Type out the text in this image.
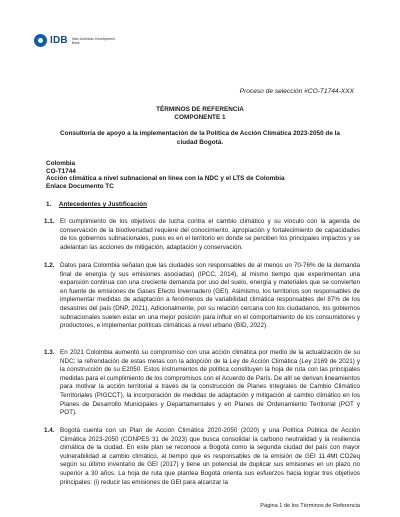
IDB Inter-American Development Bank
Proceso de selección #CO-T1744-XXX
TÉRMINOS DE REFERENCIA
COMPONENTE 1
Consultoría de apoyo a la implementación de la Política de Acción Climática 2023-2050 de la ciudad Bogotá.
Colombia
CO-T1744
Acción climática a nivel subnacional en línea con la NDC y el LTS de Colombia
Enlace Documento TC
1. Antecedentes y Justificación
1.1. El cumplimiento de los objetivos de lucha contra el cambio climático y su vínculo con la agenda de conservación de la biodiversidad requiere del conocimiento, apropiación y fortalecimiento de capacidades de los gobiernos subnacionales, pues es en el territorio en donde se perciben los principales impactos y se adelantan las acciones de mitigación, adaptación y conservación.
1.2. Datos para Colombia señalan que las ciudades son responsables de al menos un 70-76% de la demanda final de energía (y sus emisiones asociadas) (IPCC, 2014), al mismo tiempo que experimentan una expansión continua con una creciente demanda por uso del suelo, energía y materiales que se convierten en fuente de emisiones de Gases Efecto Invernadero (GEI). Asimismo, los territorios son responsables de implementar medidas de adaptación a fenómenos de variabilidad climática responsables del 87% de los desastres del país (DNP, 2021). Adicionalmente, por su relación cercana con los ciudadanos, los gobiernos subnacionales suelen estar en una mejor posición para influir en el comportamiento de los consumidores y productores, e implementar políticas climáticas a nivel urbano (BID, 2022).
1.3. En 2021 Colombia aumentó su compromiso con una acción climática por medio de la actualización de su NDC; la refrendación de estas metas con la adopción de la Ley de Acción Climática (Ley 2169 de 2021) y la construcción de su E2050. Estos instrumentos de política constituyen la hoja de ruta con las principales medidas para el cumplimiento de los compromisos con el Acuerdo de París. De allí se derivan lineamientos para motivar la acción territorial a través de la construcción de Planes Integrales de Cambio Climático Territoriales (PIGCCT), la incorporación de medidas de adaptación y mitigación al cambio climático en los Planes de Desarrollo Municipales y Departamentales y en Planes de Ordenamiento Territorial (POT y POT).
1.4. Bogotá cuenta con un Plan de Acción Climática 2020-2050 (2020) y una Política Pública de Acción Climática 2023-2050 (CONPES 31 de 2023) que busca consolidar la carbono neutralidad y la resiliencia climática de la ciudad. En este plan se reconoce a Bogotá como la segunda ciudad del país con mayor vulnerabilidad al cambio climático, al tiempo que es responsables de la emisión de GEI 11.4Mt CO2eq según su último inventario de GEI (2017) y tiene un potencial de duplicar sus emisiones en un plazo no superior a 30 años. La hoja de ruta que plantea Bogotá orienta sus esfuerzos hacia lograr tres objetivos principales: (i) reducir las emisiones de GEI para alcanzar la
Página 1 de los Términos de Referencia
